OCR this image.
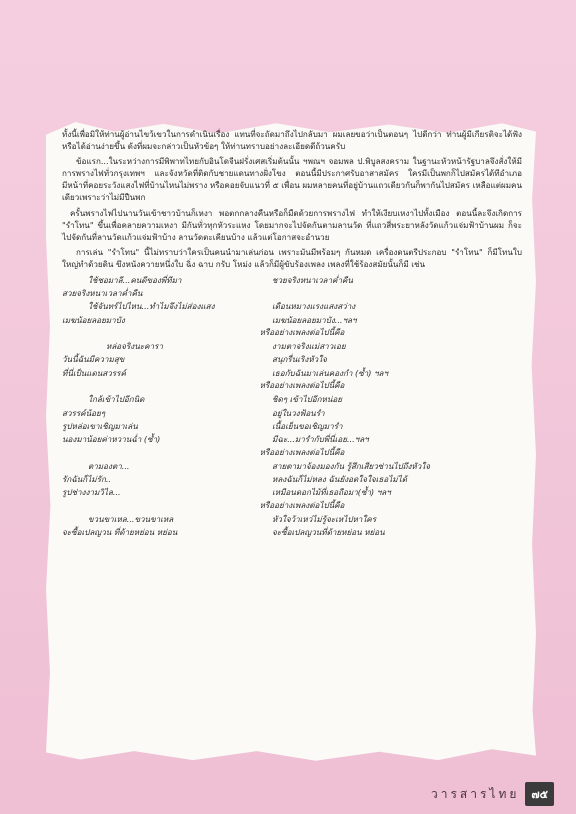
ทั้งนี้เพื่อมิให้ท่านผู้อ่านไขว้เขวในการดำเนินเรื่อง แทนที่จะถัดมาถึงไปกลับมา ผมเลยขอว่าเป็นตอนๆ ไปดีกว่า ท่านผู้มีเกียรติจะได้ฟังหรือได้อ่านง่ายขึ้น ดังที่ผมจะกล่าวเป็นหัวข้อๆ ให้ท่านทราบอย่างละเอียดดีถ้วนครับ

ข้อแรก...ในระหว่างการมีพิพาทไทยกับอินโดจีนฝรั่งเศสเริ่มต้นนั้น ฯพณฯ จอมพล ป.พิบูลสงคราม ในฐานะหัวหน้ารัฐบาลจึงสั่งให้มีการพรางไฟทั่วกรุงเทพฯ และจังหวัดที่ติดกับชายแดนทางฝั่งโขง ตอนนี้มีประกาศรับอาสาสมัคร ใครมีเป็นพกก็ไปสมัครได้ทีอำเภอ มีหน้าที่คอยระวังแสงไฟที่บ้านไหนไม่พราง หรือคอยจับแนวที่ ๕ เพื่อน ผมหลายคนที่อยู่บ้านแถวเดียวกันก็พากันไปสมัคร เหลือแต่ผมคนเดียวเพราะว่าไม่มีปืนพก

ครั้นพรางไฟไปนานวันเข้าชาวบ้านก็เหงา พอตกกลางคืนหรือก็มืดด้วยการพรางไฟ ทำให้เงียบเหงาไปทั้งเมือง ตอนนี้ละจึงเกิดการ "รำโทน" ขึ้นเพื่อคลายความเหงา มีกันทั่วทุกหัวระแหง โดยมากจะไปจัดกันตามลานวัด ที่แถวสี่พระยาหลังวัดแก้วแจ่มฟ้าบ้านผม ก็จะไปจัดกันที่ลานวัดแก้วแจ่มฟ้าบ้าง ลานวัดตะเคียนบ้าง แล้วแต่โอกาสจะอำนวย

การเล่น "รำโทน" นี้ไม่ทราบว่าใครเป็นคนนำมาเล่นก่อน เพราะมันมีพร้อมๆ กันหมด เครื่องดนตรีประกอบ "รำโทน" ก็มีโทนใบใหญ่ทำด้วยดิน ขึงหนังควายหนึ่งใบ ฉิ่ง ฉาบ กรับ โหม่ง แล้วก็มีผู้ขับร้องเพลง เพลงที่ใช้ร้องสมัยนั้นก็มี เช่น

ใช้ชอมาลี...คนดีของพี่ทีมา	ชวยจริงหนาเวลาค่ำคืน
สวยจริงหนาเวลาค่ำคืน
ใช้จันทร์ไปไหน...ทำไมจึงไม่ส่องแสง	เดือนหมางแรงแสงสว่าง
เมฆน้อยลอยมาบัง	เมฆน้อยลอยมาบัง...ฯลฯ
หรืออย่างเพลงต่อไปนี้คือ
หล่อจริงนะคารา	งามตาจริงแม่สาวเอย
วันนี้ฉันมีความสุข	สนุกรื่นเริงหัวใจ
ที่นี่เป็นแดนสวรรค์	เธอกับฉันมาเล่นคองกำ (ซ้ำ) ฯลฯ
หรืออย่างเพลงต่อไปนี้คือ
ใกล้เข้าไปอีกนิด	ชิดๆ เข้าไปอีกหน่อย
สวรรค์น้อยๆ	อยู่ในวงฟ้อนรำ
รูปหล่อเขาเชิญมาเล่น	เนื้อเย็นขอเชิญมารำ
นองมาน้อยค่าหวานฉ่ำ (ซ้ำ)	มีฉะ...มารำกับพี่นี่เอย...ฯลฯ
หรืออย่างเพลงต่อไปนี้คือ
ตามองตา...	สายตามาจ้องมองกัน รู้สึกเสียวซ่านไปถึงหัวใจ
รักฉันก็ไม่รัก..	หลงฉันก็ไม่หลง ฉันยังอดใจใจเธอไม่ได้
รูปช่างงามวิไล...	เหมือนดอกไม้ที่เธอถือมา(ซ้ำ) ฯลฯ
หรืออย่างเพลงต่อไปนี้คือ
ขวนขาเหล...ขวนขาเหล	หัวใจว้าเหว่ไม่รู้จะเหไปหาใคร
จะซื้อเปลญวน ที่ด้ายหย่อน หย่อน	จะซื้อเปลญวนที่ด้ายหย่อน หย่อน
วารสารไทย	๗๕
